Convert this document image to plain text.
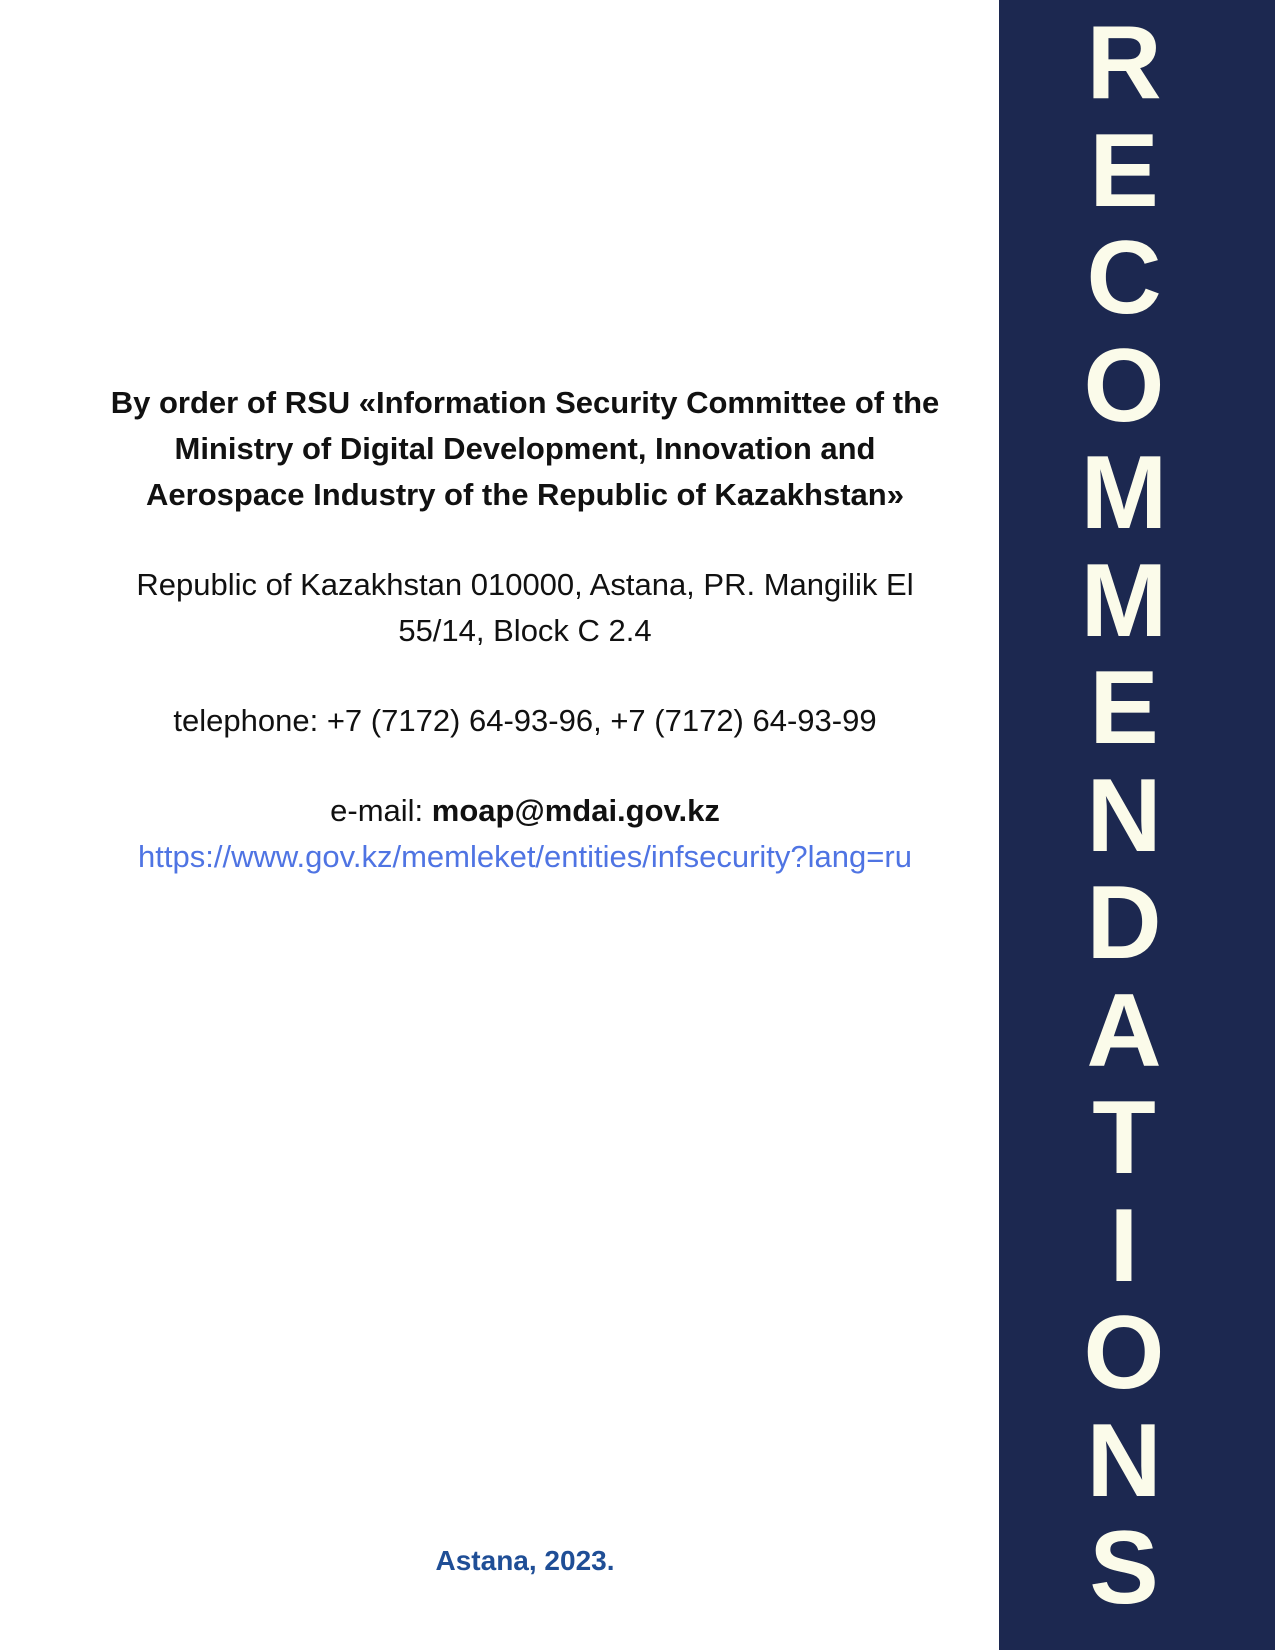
By order of RSU «Information Security Committee of the Ministry of Digital Development, Innovation and Aerospace Industry of the Republic of Kazakhstan»

Republic of Kazakhstan 010000, Astana, PR. Mangilik El 55/14, Block C 2.4

telephone: +7 (7172) 64-93-96, +7 (7172) 64-93-99

e-mail: moap@mdai.gov.kz

https://www.gov.kz/memleket/entities/infsecurity?lang=ru
Astana, 2023.
R
E
C
O
M
M
E
N
D
A
T
I
O
N
S
